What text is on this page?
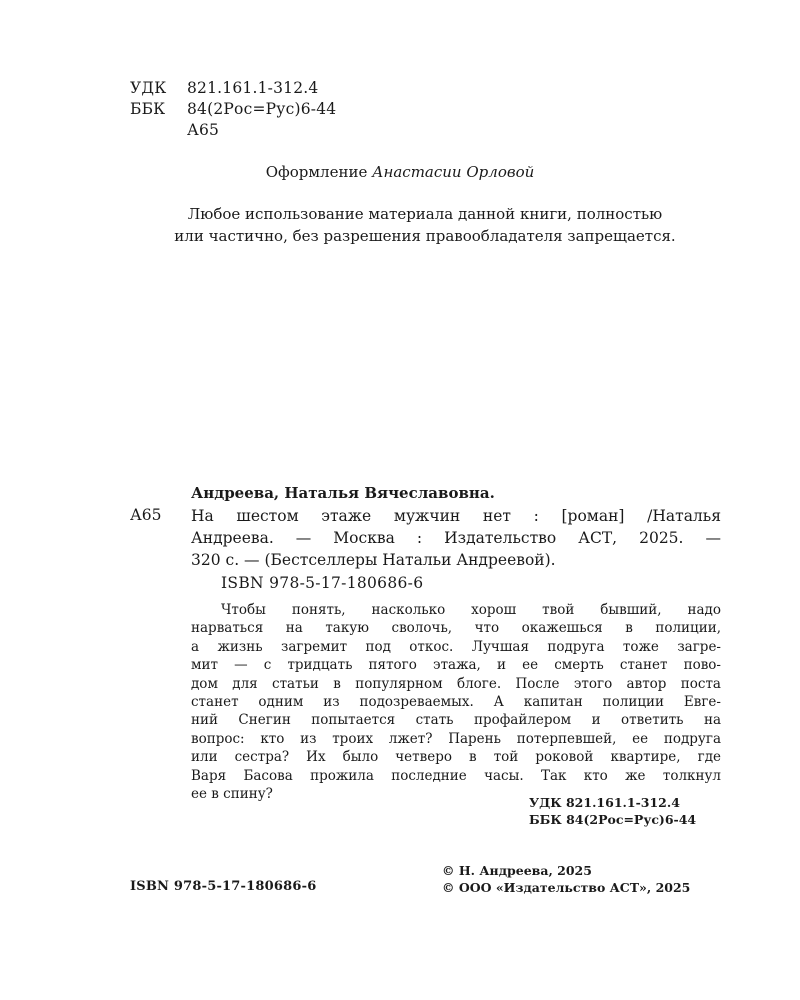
УДК	821.161.1-312.4
ББК	84(2Рос=Рус)6-44
А65
Оформление Анастасии Орловой
Любое использование материала данной книги, полностью
или частично, без разрешения правообладателя запрещается.
Андреева, Наталья Вячеславовна.
А65 На шестом этаже мужчин нет : [роман] /Наталья
Андреева. — Москва : Издательство АСТ, 2025. —
320 с. — (Бестселлеры Натальи Андреевой).
ISBN 978-5-17-180686-6
Чтобы понять, насколько хорош твой бывший, надо
нарваться на такую сволочь, что окажешься в полиции,
а жизнь загремит под откос. Лучшая подруга тоже загре-
мит — с тридцать пятого этажа, и ее смерть станет пово-
дом для статьи в популярном блоге. После этого автор поста
станет одним из подозреваемых. А капитан полиции Евге-
ний Снегин попытается стать профайлером и ответить на
вопрос: кто из троих лжет? Парень потерпевшей, ее подруга
или сестра? Их было четверо в той роковой квартире, где
Варя Басова прожила последние часы. Так кто же толкнул
ее в спину?
УДК 821.161.1-312.4
ББК 84(2Рос=Рус)6-44
ISBN 978-5-17-180686-6
© Н. Андреева, 2025
© ООО «Издательство АСТ», 2025
